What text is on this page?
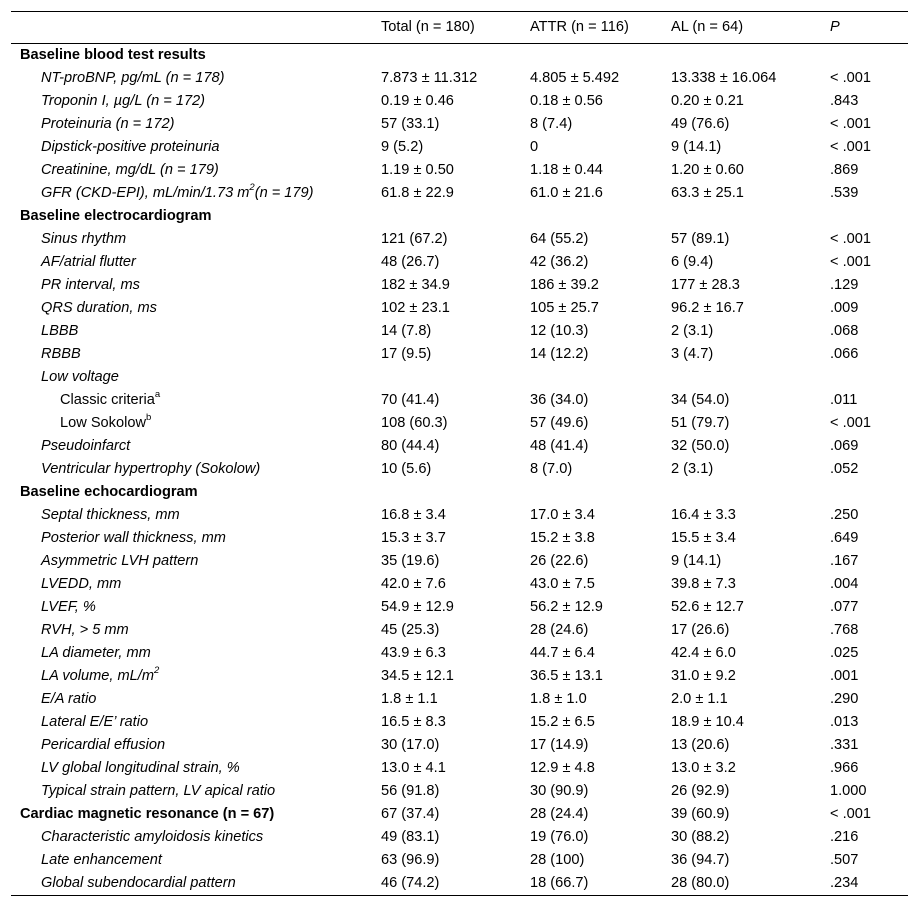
Total (n = 180)	ATTR (n = 116)	AL (n = 64)	P
Baseline blood test results
NT-proBNP, pg/mL (n = 178)	7.873 ± 11.312	4.805 ± 5.492	13.338 ± 16.064	< .001
Troponin I, µg/L (n = 172)	0.19 ± 0.46	0.18 ± 0.56	0.20 ± 0.21	.843
Proteinuria (n = 172)	57 (33.1)	8 (7.4)	49 (76.6)	< .001
Dipstick-positive proteinuria	9 (5.2)	0	9 (14.1)	< .001
Creatinine, mg/dL (n = 179)	1.19 ± 0.50	1.18 ± 0.44	1.20 ± 0.60	.869
GFR (CKD-EPI), mL/min/1.73 $m^2(n = 179)$	61.8 ± 22.9	61.0 ± 21.6	63.3 ± 25.1	.539
Baseline electrocardiogram
Sinus rhythm	121 (67.2)	64 (55.2)	57 (89.1)	< .001
AF/atrial flutter	48 (26.7)	42 (36.2)	6 (9.4)	< .001
PR interval, ms	182 ± 34.9	186 ± 39.2	177 ± 28.3	.129
QRS duration, ms	102 ± 23.1	105 ± 25.7	96.2 ± 16.7	.009
LBBB	14 (7.8)	12 (10.3)	2 (3.1)	.068
RBBB	17 (9.5)	14 (12.2)	3 (4.7)	.066
Low voltage
Classic criteria$^a$	70 (41.4)	36 (34.0)	34 (54.0)	.011
Low Sokolow$^b$	108 (60.3)	57 (49.6)	51 (79.7)	< .001
Pseudoinfarct	80 (44.4)	48 (41.4)	32 (50.0)	.069
Ventricular hypertrophy (Sokolow)	10 (5.6)	8 (7.0)	2 (3.1)	.052
Baseline echocardiogram
Septal thickness, mm	16.8 ± 3.4	17.0 ± 3.4	16.4 ± 3.3	.250
Posterior wall thickness, mm	15.3 ± 3.7	15.2 ± 3.8	15.5 ± 3.4	.649
Asymmetric LVH pattern	35 (19.6)	26 (22.6)	9 (14.1)	.167
LVEDD, mm	42.0 ± 7.6	43.0 ± 7.5	39.8 ± 7.3	.004
LVEF, %	54.9 ± 12.9	56.2 ± 12.9	52.6 ± 12.7	.077
RVH, > 5 mm	45 (25.3)	28 (24.6)	17 (26.6)	.768
LA diameter, mm	43.9 ± 6.3	44.7 ± 6.4	42.4 ± 6.0	.025
LA volume, $mL/m^2$	34.5 ± 12.1	36.5 ± 13.1	31.0 ± 9.2	.001
E/A ratio	1.8 ± 1.1	1.8 ± 1.0	2.0 ± 1.1	.290
Lateral E/E’ ratio	16.5 ± 8.3	15.2 ± 6.5	18.9 ± 10.4	.013
Pericardial effusion	30 (17.0)	17 (14.9)	13 (20.6)	.331
LV global longitudinal strain, %	13.0 ± 4.1	12.9 ± 4.8	13.0 ± 3.2	.966
Typical strain pattern, LV apical ratio	56 (91.8)	30 (90.9)	26 (92.9)	1.000
Cardiac magnetic resonance (n = 67)	67 (37.4)	28 (24.4)	39 (60.9)	< .001
Characteristic amyloidosis kinetics	49 (83.1)	19 (76.0)	30 (88.2)	.216
Late enhancement	63 (96.9)	28 (100)	36 (94.7)	.507
Global subendocardial pattern	46 (74.2)	18 (66.7)	28 (80.0)	.234
